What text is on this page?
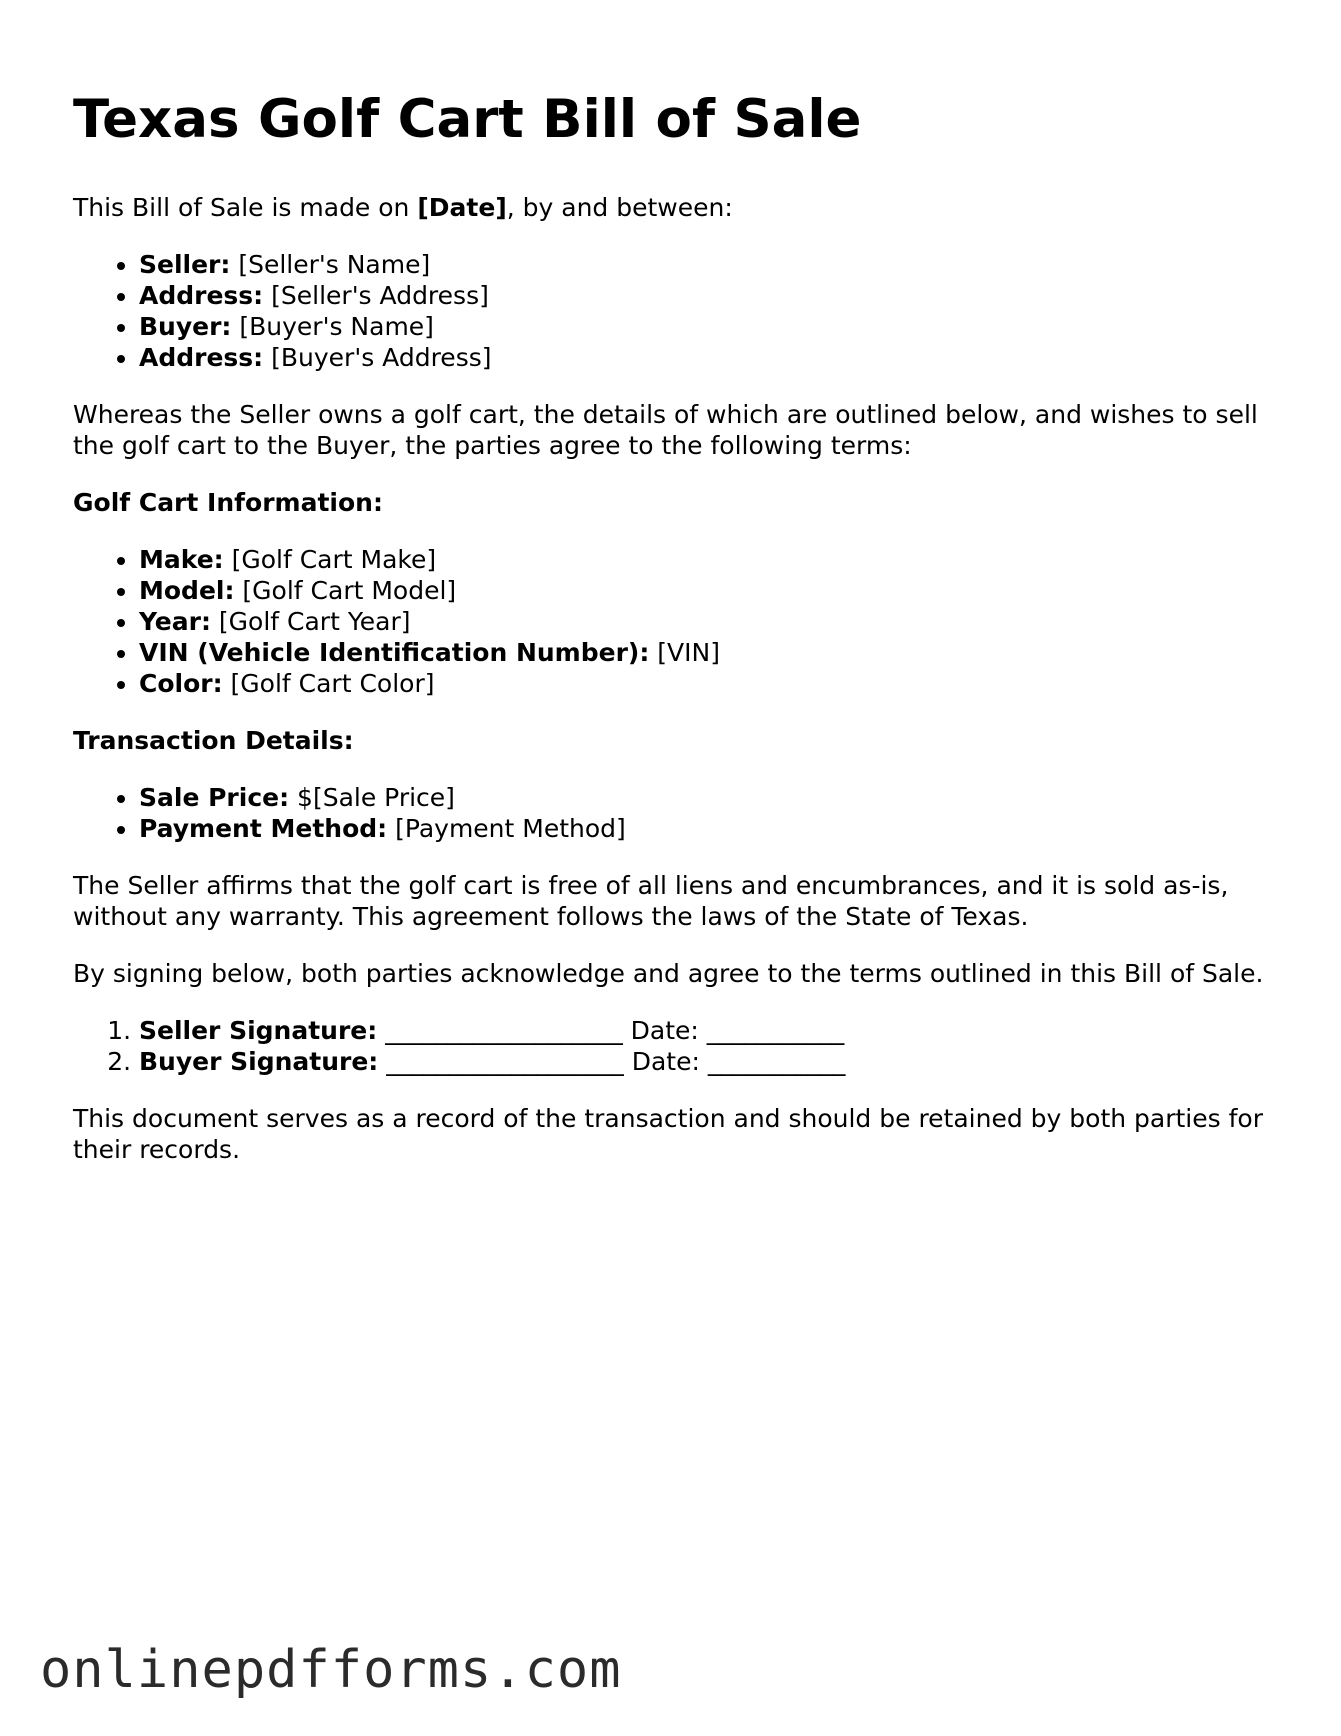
Texas Golf Cart Bill of Sale

This Bill of Sale is made on [Date], by and between:

• Seller: [Seller's Name]
• Address: [Seller's Address]
• Buyer: [Buyer's Name]
• Address: [Buyer's Address]

Whereas the Seller owns a golf cart, the details of which are outlined below, and wishes to sell the golf cart to the Buyer, the parties agree to the following terms:

Golf Cart Information:

• Make: [Golf Cart Make]
• Model: [Golf Cart Model]
• Year: [Golf Cart Year]
• VIN (Vehicle Identification Number): [VIN]
• Color: [Golf Cart Color]

Transaction Details:

• Sale Price: $[Sale Price]
• Payment Method: [Payment Method]

The Seller affirms that the golf cart is free of all liens and encumbrances, and it is sold as-is, without any warranty. This agreement follows the laws of the State of Texas.

By signing below, both parties acknowledge and agree to the terms outlined in this Bill of Sale.

1. Seller Signature: ___________________ Date: ___________
2. Buyer Signature: ___________________ Date: ___________

This document serves as a record of the transaction and should be retained by both parties for their records.

onlinepdfforms.com
